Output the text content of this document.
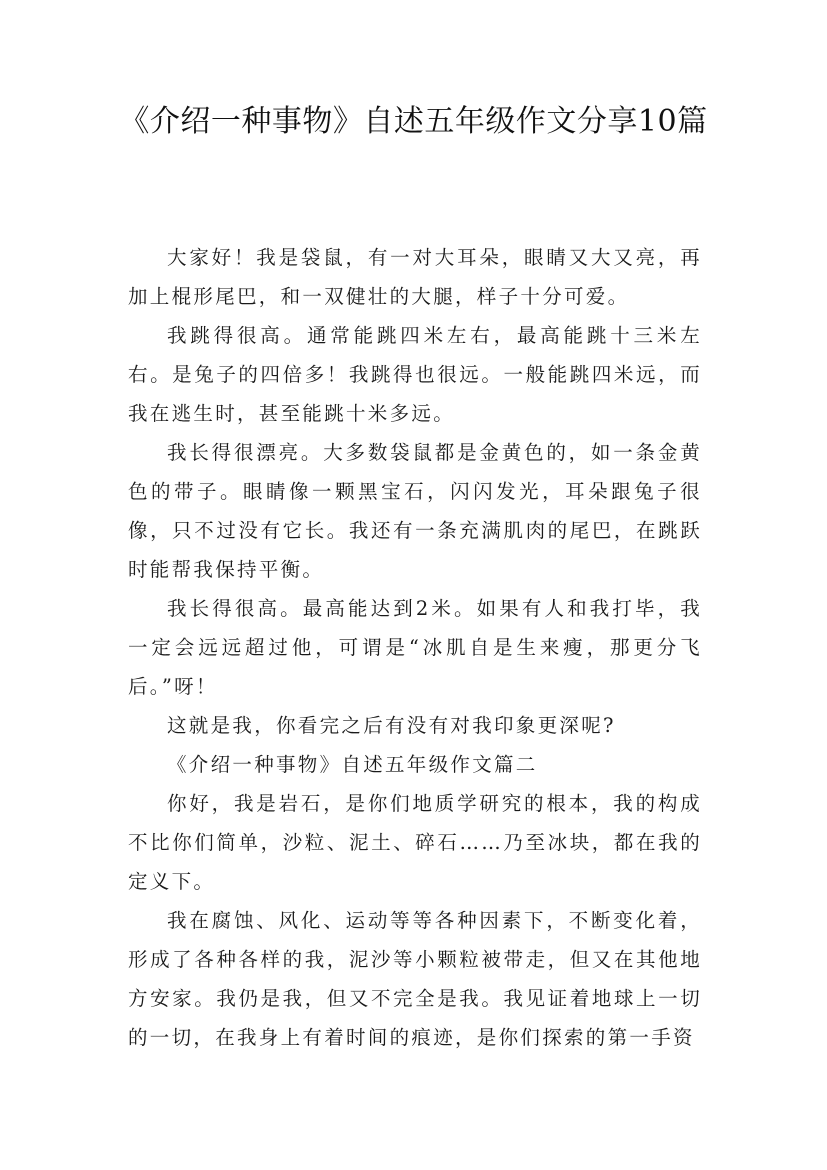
《介绍一种事物》自述五年级作文分享10篇

大家好！我是袋鼠，有一对大耳朵，眼睛又大又亮，再加上棍形尾巴，和一双健壮的大腿，样子十分可爱。

我跳得很高。通常能跳四米左右，最高能跳十三米左右。是兔子的四倍多！我跳得也很远。一般能跳四米远，而我在逃生时，甚至能跳十米多远。

我长得很漂亮。大多数袋鼠都是金黄色的，如一条金黄色的带子。眼睛像一颗黑宝石，闪闪发光，耳朵跟兔子很像，只不过没有它长。我还有一条充满肌肉的尾巴，在跳跃时能帮我保持平衡。

我长得很高。最高能达到2米。如果有人和我打毕，我一定会远远超过他，可谓是“冰肌自是生来瘦，那更分飞后。”呀！

这就是我，你看完之后有没有对我印象更深呢?

《介绍一种事物》自述五年级作文篇二

你好，我是岩石，是你们地质学研究的根本，我的构成不比你们简单，沙粒、泥土、碎石……乃至冰块，都在我的定义下。

我在腐蚀、风化、运动等等各种因素下，不断变化着，形成了各种各样的我，泥沙等小颗粒被带走，但又在其他地方安家。我仍是我，但又不完全是我。我见证着地球上一切的一切，在我身上有着时间的痕迹，是你们探索的第一手资
